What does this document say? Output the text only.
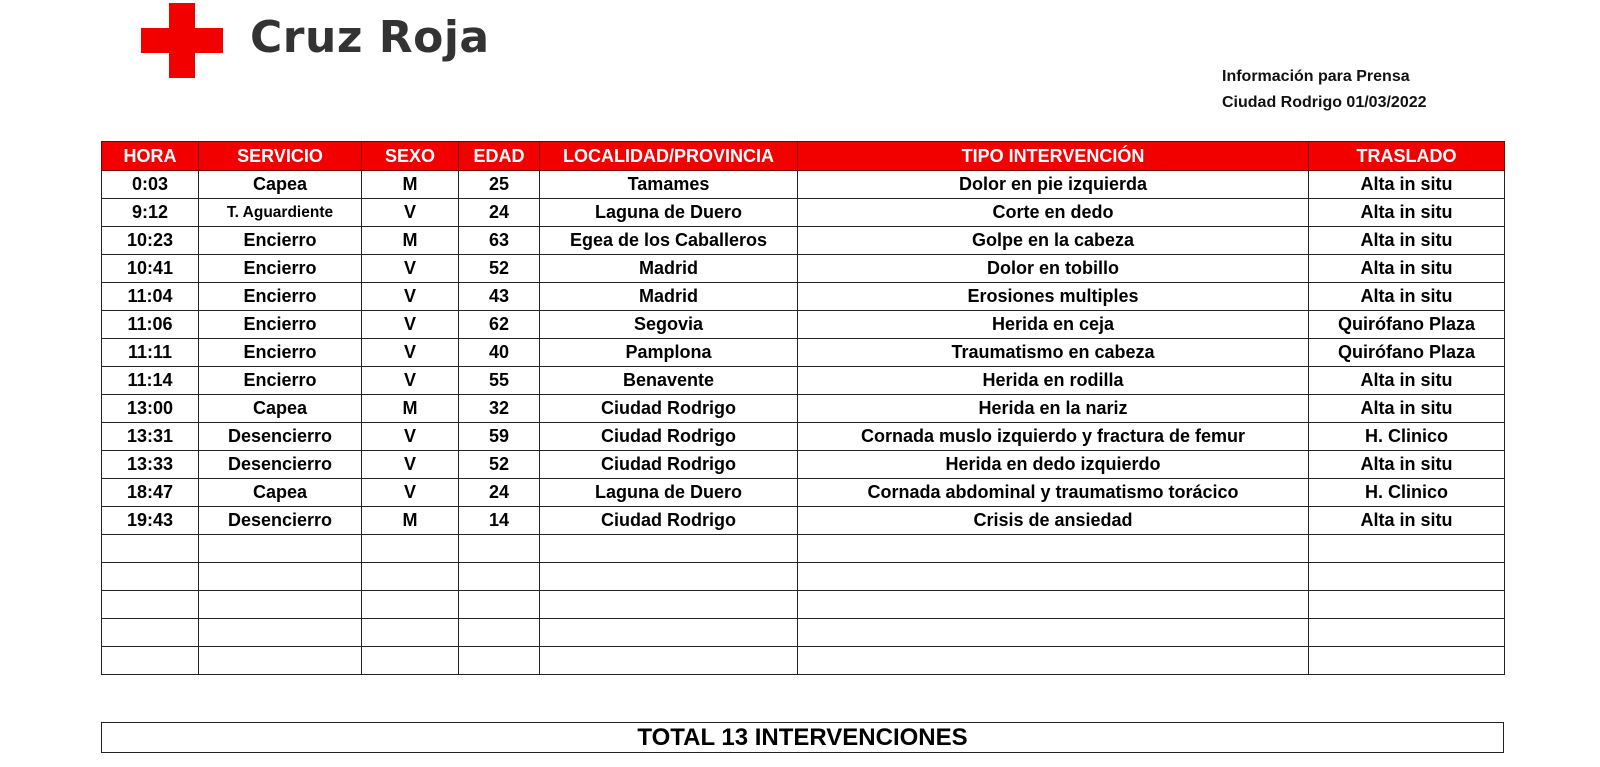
Cruz Roja
Información para Prensa
Ciudad Rodrigo 01/03/2022
HORA	SERVICIO	SEXO	EDAD	LOCALIDAD/PROVINCIA	TIPO INTERVENCIÓN	TRASLADO
0:03	Capea	M	25	Tamames	Dolor en pie izquierda	Alta in situ
9:12	T. Aguardiente	V	24	Laguna de Duero	Corte en dedo	Alta in situ
10:23	Encierro	M	63	Egea de los Caballeros	Golpe en la cabeza	Alta in situ
10:41	Encierro	V	52	Madrid	Dolor en tobillo	Alta in situ
11:04	Encierro	V	43	Madrid	Erosiones multiples	Alta in situ
11:06	Encierro	V	62	Segovia	Herida en ceja	Quirófano Plaza
11:11	Encierro	V	40	Pamplona	Traumatismo en cabeza	Quirófano Plaza
11:14	Encierro	V	55	Benavente	Herida en rodilla	Alta in situ
13:00	Capea	M	32	Ciudad Rodrigo	Herida en la nariz	Alta in situ
13:31	Desencierro	V	59	Ciudad Rodrigo	Cornada muslo izquierdo y fractura de femur	H. Clinico
13:33	Desencierro	V	52	Ciudad Rodrigo	Herida en dedo izquierdo	Alta in situ
18:47	Capea	V	24	Laguna de Duero	Cornada abdominal y traumatismo torácico	H. Clinico
19:43	Desencierro	M	14	Ciudad Rodrigo	Crisis de ansiedad	Alta in situ

TOTAL 13 INTERVENCIONES
